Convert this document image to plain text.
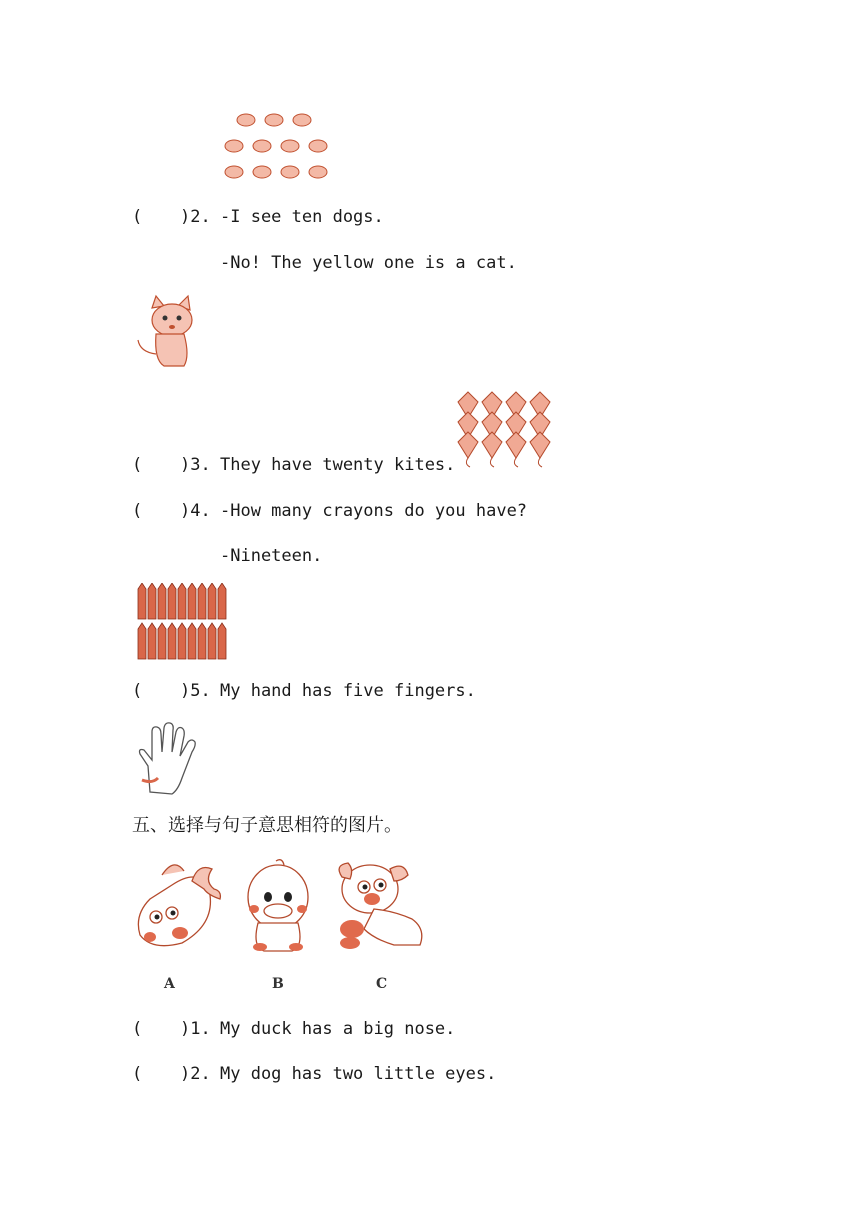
( )2. -I see ten dogs.
-No! The yellow one is a cat.
( )3. They have twenty kites.
( )4. -How many crayons do you have?
-Nineteen.
( )5. My hand has five fingers.
五、选择与句子意思相符的图片。
A	B	C
( )1. My duck has a big nose.
( )2. My dog has two little eyes.
